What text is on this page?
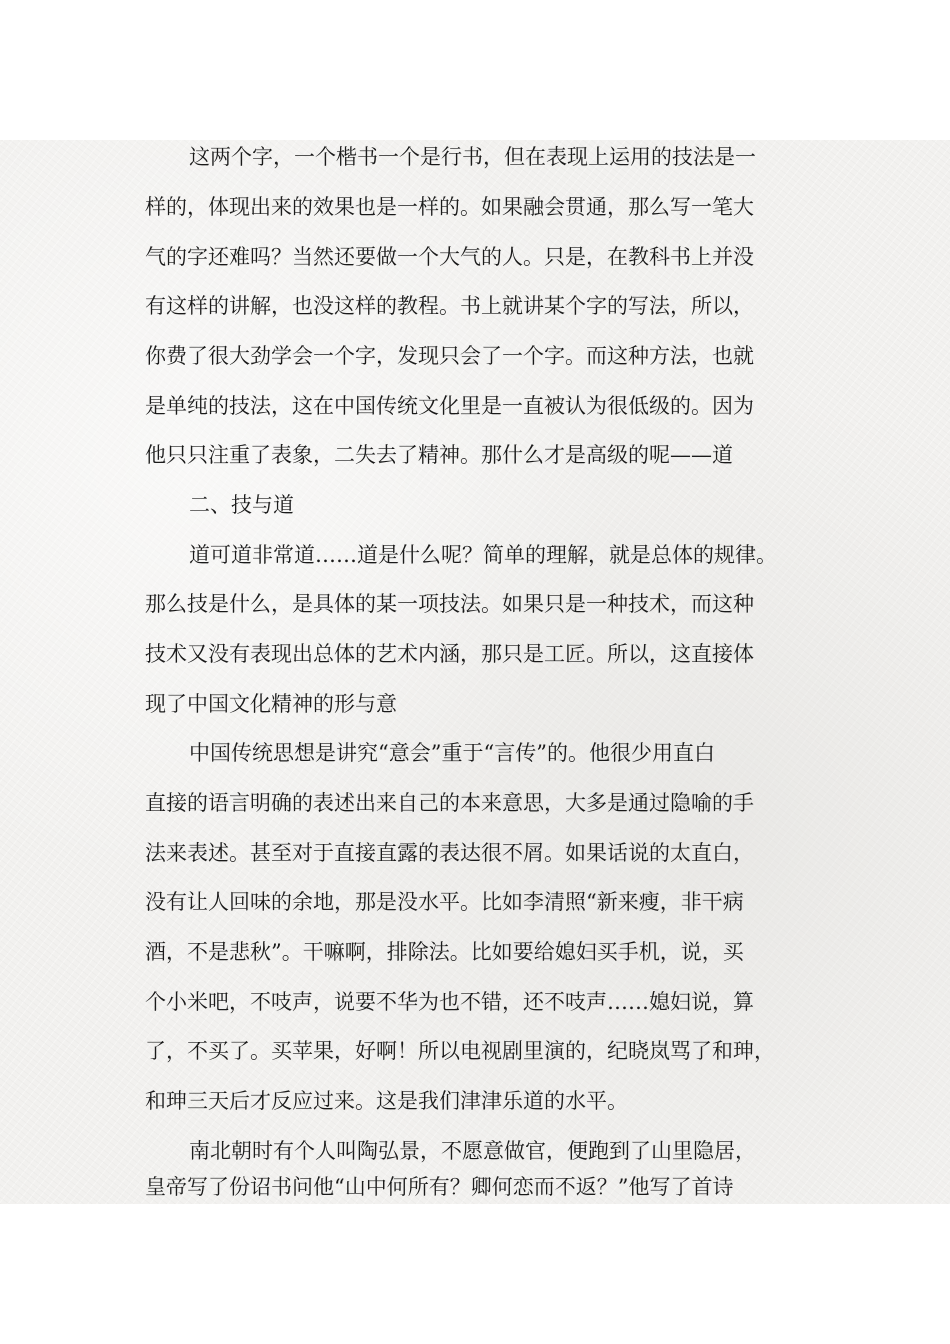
这两个字，一个楷书一个是行书，但在表现上运用的技法是一
样的，体现出来的效果也是一样的。如果融会贯通，那么写一笔大
气的字还难吗？当然还要做一个大气的人。只是，在教科书上并没
有这样的讲解，也没这样的教程。书上就讲某个字的写法，所以，
你费了很大劲学会一个字，发现只会了一个字。而这种方法，也就
是单纯的技法，这在中国传统文化里是一直被认为很低级的。因为
他只只注重了表象，二失去了精神。那什么才是高级的呢——道
二、技与道
道可道非常道……道是什么呢？简单的理解，就是总体的规律。
那么技是什么，是具体的某一项技法。如果只是一种技术，而这种
技术又没有表现出总体的艺术内涵，那只是工匠。所以，这直接体
现了中国文化精神的形与意
中国传统思想是讲究“意会”重于“言传”的。他很少用直白
直接的语言明确的表述出来自己的本来意思，大多是通过隐喻的手
法来表述。甚至对于直接直露的表达很不屑。如果话说的太直白，
没有让人回味的余地，那是没水平。比如李清照“新来瘦，非干病
酒，不是悲秋”。干嘛啊，排除法。比如要给媳妇买手机，说，买
个小米吧，不吱声，说要不华为也不错，还不吱声……媳妇说，算
了，不买了。买苹果，好啊！所以电视剧里演的，纪晓岚骂了和珅，
和珅三天后才反应过来。这是我们津津乐道的水平。
南北朝时有个人叫陶弘景，不愿意做官，便跑到了山里隐居，
皇帝写了份诏书问他“山中何所有？卿何恋而不返？”他写了首诗
